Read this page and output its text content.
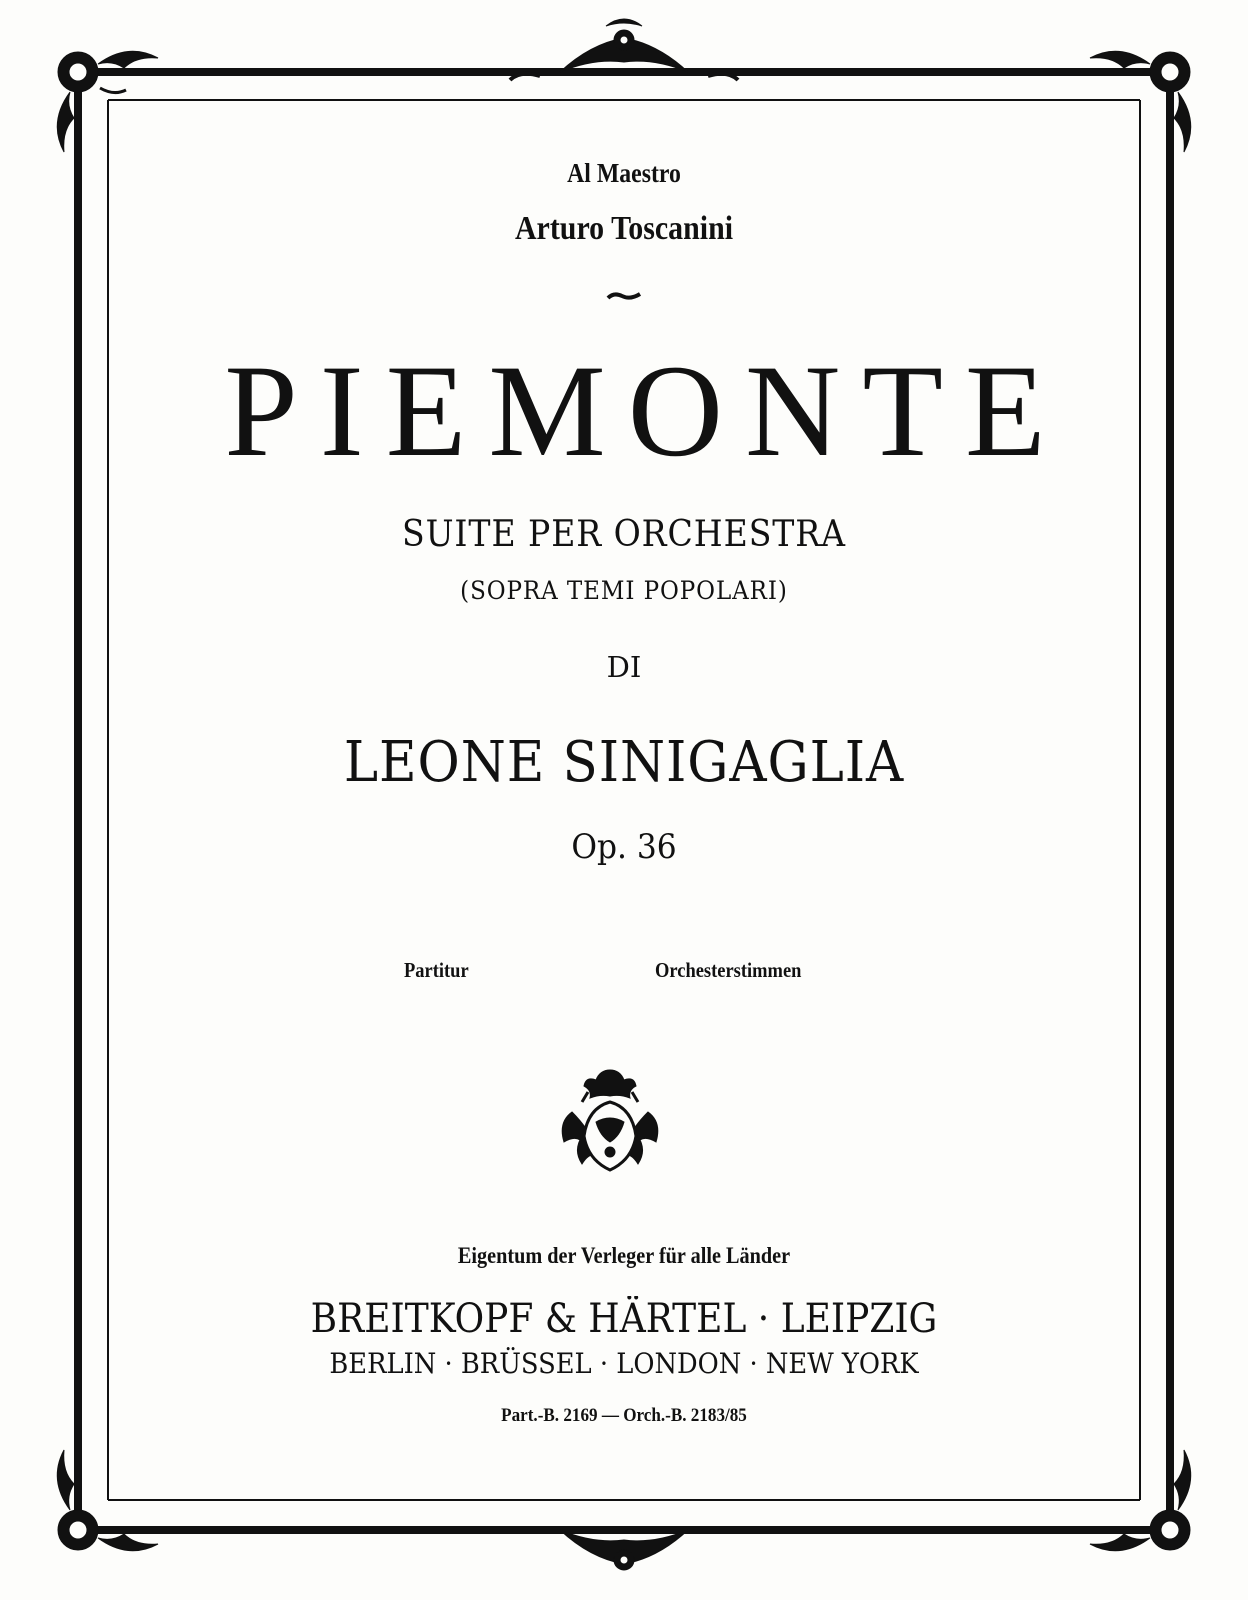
Al Maestro
Arturo Toscanini
PIEMONTE
SUITE PER ORCHESTRA
(SOPRA TEMI POPOLARI)
DI
LEONE SINIGAGLIA
Op. 36
Partitur	Orchesterstimmen
Eigentum der Verleger für alle Länder
BREITKOPF & HÄRTEL · LEIPZIG
BERLIN · BRÜSSEL · LONDON · NEW YORK
Part.-B. 2169 — Orch.-B. 2183/85
